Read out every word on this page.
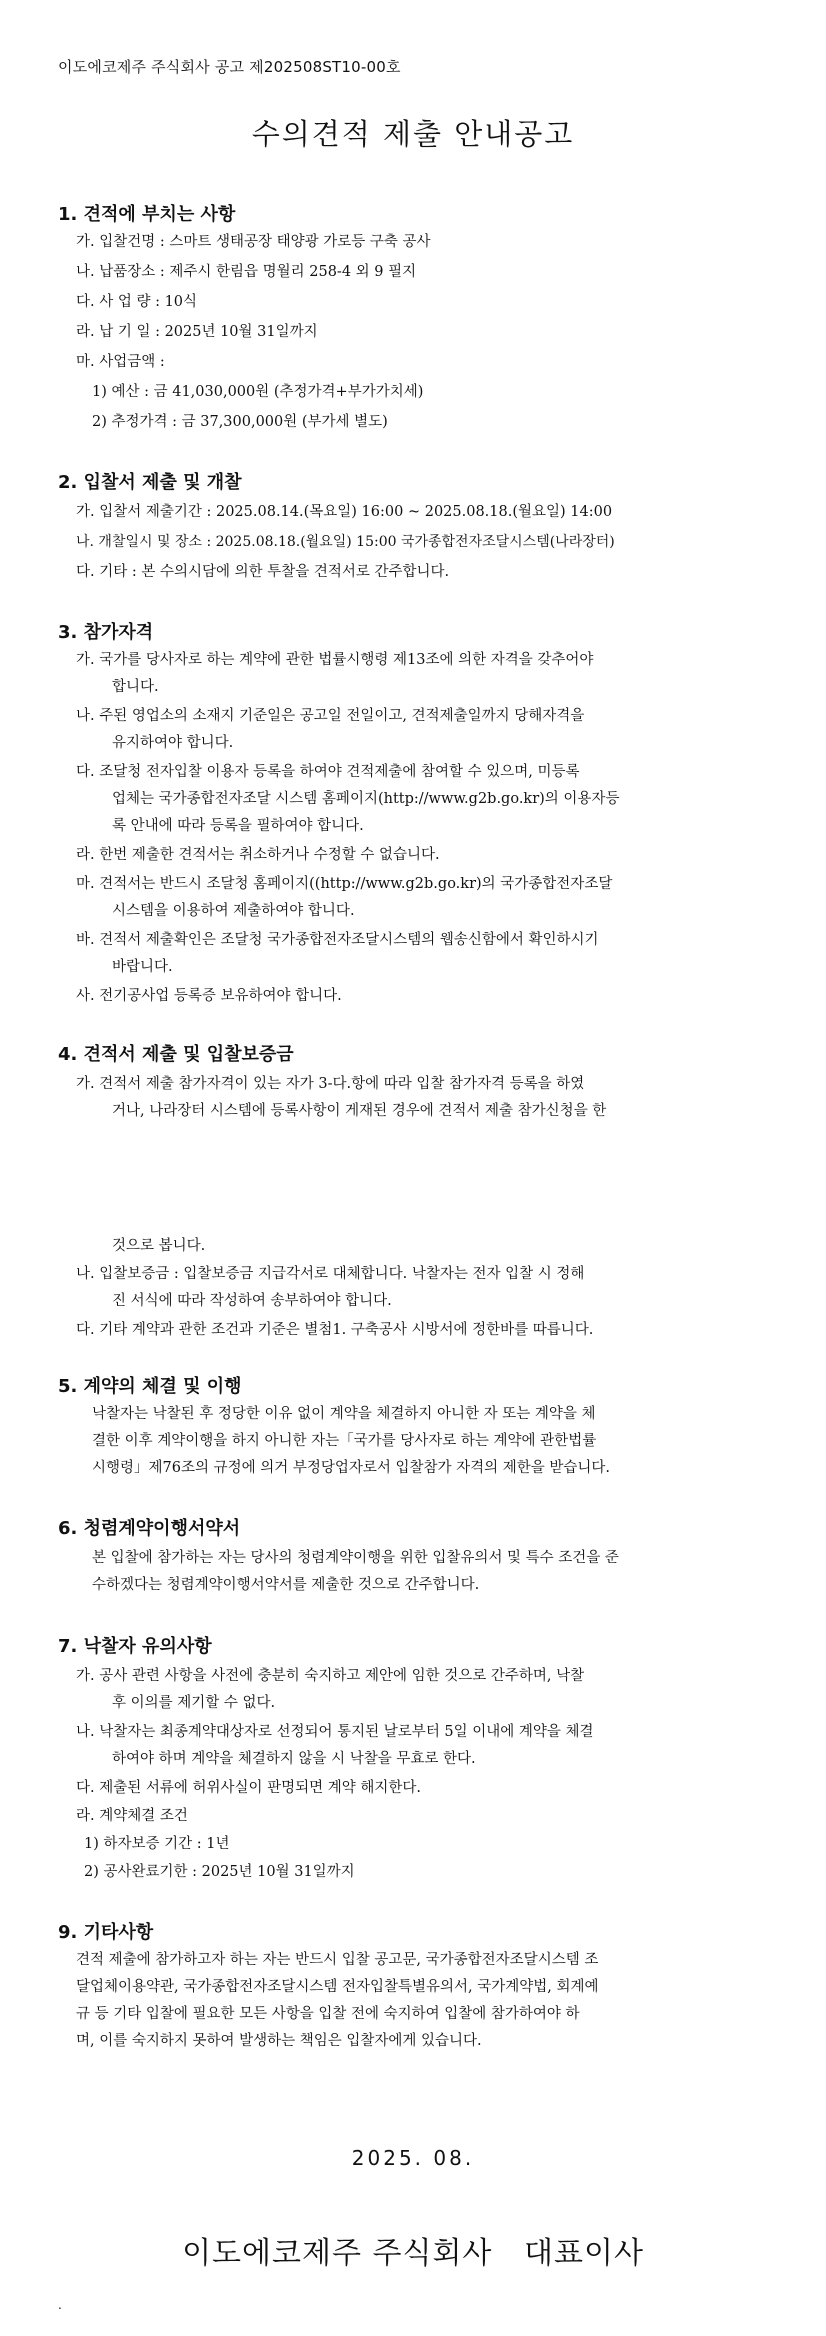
이도에코제주 주식회사 공고 제202508ST10-00호
수의견적 제출 안내공고
1. 견적에 부치는 사항
가. 입찰건명 : 스마트 생태공장 태양광 가로등 구축 공사
나. 납품장소 : 제주시 한림읍 명월리 258-4 외 9 필지
다. 사 업 량 : 10식
라. 납 기 일 : 2025년 10월 31일까지
마. 사업금액 :
1) 예산 : 금 41,030,000원 (추정가격+부가가치세)
2) 추정가격 : 금 37,300,000원 (부가세 별도)
2. 입찰서 제출 및 개찰
가. 입찰서 제출기간 : 2025.08.14.(목요일) 16:00 ~ 2025.08.18.(월요일) 14:00
나. 개찰일시 및 장소 : 2025.08.18.(월요일) 15:00 국가종합전자조달시스템(나라장터)
다. 기타 : 본 수의시담에 의한 투찰을 견적서로 간주합니다.
3. 참가자격
가. 국가를 당사자로 하는 계약에 관한 법률시행령 제13조에 의한 자격을 갖추어야
합니다.
나. 주된 영업소의 소재지 기준일은 공고일 전일이고, 견적제출일까지 당해자격을
유지하여야 합니다.
다. 조달청 전자입찰 이용자 등록을 하여야 견적제출에 참여할 수 있으며, 미등록
업체는 국가종합전자조달 시스템 홈페이지(http://www.g2b.go.kr)의 이용자등
록 안내에 따라 등록을 필하여야 합니다.
라. 한번 제출한 견적서는 취소하거나 수정할 수 없습니다.
마. 견적서는 반드시 조달청 홈페이지((http://www.g2b.go.kr)의 국가종합전자조달
시스템을 이용하여 제출하여야 합니다.
바. 견적서 제출확인은 조달청 국가종합전자조달시스템의 웹송신함에서 확인하시기
바랍니다.
사. 전기공사업 등록증 보유하여야 합니다.
4. 견적서 제출 및 입찰보증금
가. 견적서 제출 참가자격이 있는 자가 3-다.항에 따라 입찰 참가자격 등록을 하였
거나, 나라장터 시스템에 등록사항이 게재된 경우에 견적서 제출 참가신청을 한
것으로 봅니다.
나. 입찰보증금 : 입찰보증금 지급각서로 대체합니다. 낙찰자는 전자 입찰 시 정해
진 서식에 따라 작성하여 송부하여야 합니다.
다. 기타 계약과 관한 조건과 기준은 별첨1. 구축공사 시방서에 정한바를 따릅니다.
5. 계약의 체결 및 이행
낙찰자는 낙찰된 후 정당한 이유 없이 계약을 체결하지 아니한 자 또는 계약을 체
결한 이후 계약이행을 하지 아니한 자는「국가를 당사자로 하는 계약에 관한법률
시행령」제76조의 규정에 의거 부정당업자로서 입찰참가 자격의 제한을 받습니다.
6. 청렴계약이행서약서
본 입찰에 참가하는 자는 당사의 청렴계약이행을 위한 입찰유의서 및 특수 조건을 준
수하겠다는 청렴계약이행서약서를 제출한 것으로 간주합니다.
7. 낙찰자 유의사항
가. 공사 관련 사항을 사전에 충분히 숙지하고 제안에 임한 것으로 간주하며, 낙찰
후 이의를 제기할 수 없다.
나. 낙찰자는 최종계약대상자로 선정되어 통지된 날로부터 5일 이내에 계약을 체결
하여야 하며 계약을 체결하지 않을 시 낙찰을 무효로 한다.
다. 제출된 서류에 허위사실이 판명되면 계약 해지한다.
라. 계약체결 조건
1) 하자보증 기간 : 1년
2) 공사완료기한 : 2025년 10월 31일까지
9. 기타사항
견적 제출에 참가하고자 하는 자는 반드시 입찰 공고문, 국가종합전자조달시스템 조
달업체이용약관, 국가종합전자조달시스템 전자입찰특별유의서, 국가계약법, 회계예
규 등 기타 입찰에 필요한 모든 사항을 입찰 전에 숙지하여 입찰에 참가하여야 하
며, 이를 숙지하지 못하여 발생하는 책임은 입찰자에게 있습니다.
2025. 08.
이도에코제주 주식회사   대표이사
.
